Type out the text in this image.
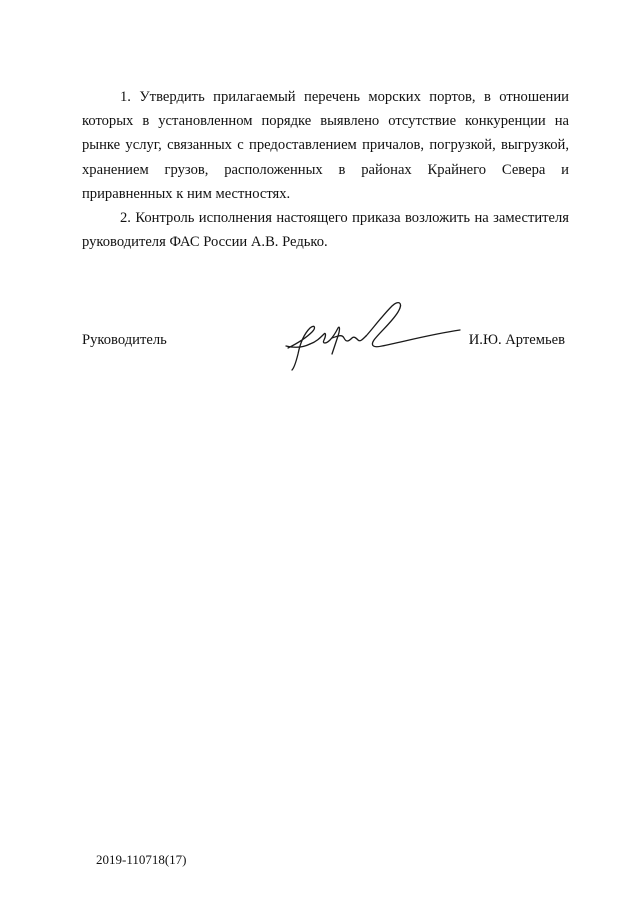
1. Утвердить прилагаемый перечень морских портов, в отношении которых в установленном порядке выявлено отсутствие конкуренции на рынке услуг, связанных с предоставлением причалов, погрузкой, выгрузкой, хранением грузов, расположенных в районах Крайнего Севера и приравненных к ним местностях.

2. Контроль исполнения настоящего приказа возложить на заместителя руководителя ФАС России А.В. Редько.

Руководитель	И.Ю. Артемьев
2019-110718(17)
